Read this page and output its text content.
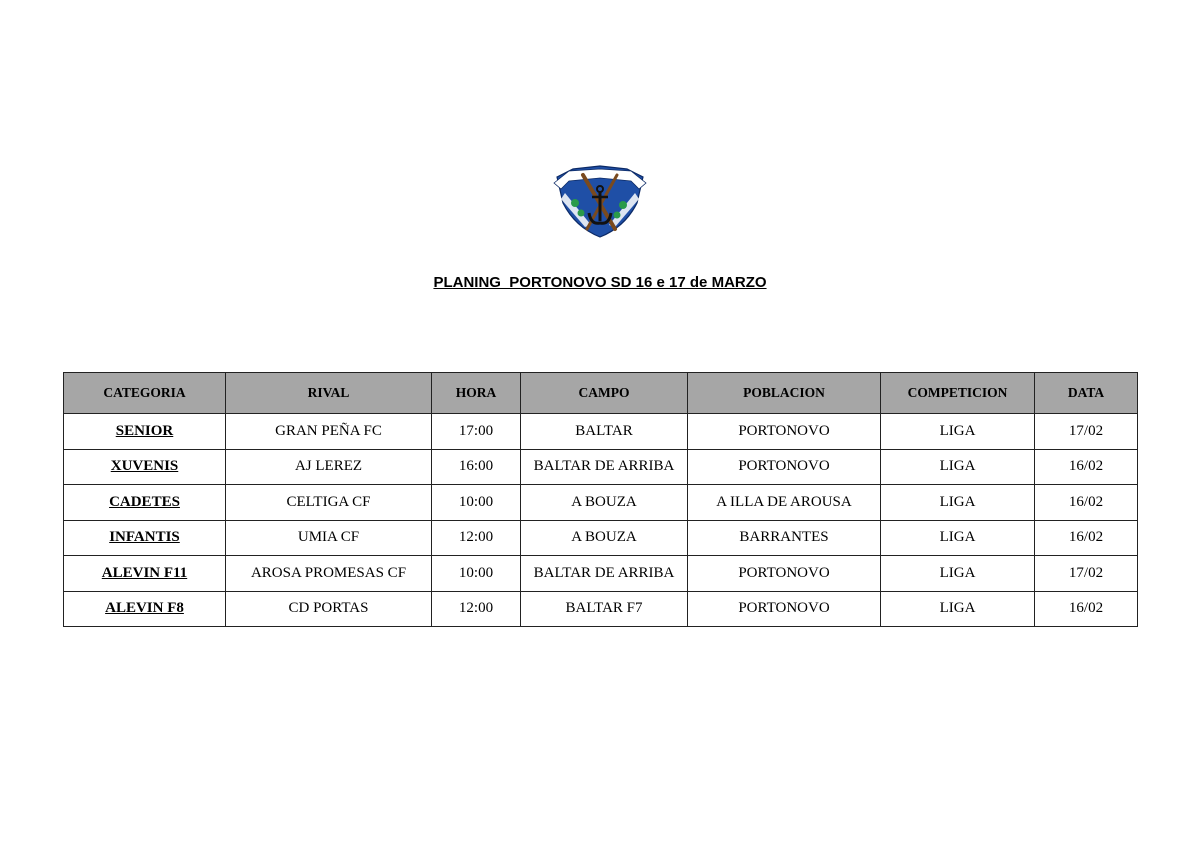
PLANING  PORTONOVO SD 16 e 17 de MARZO
CATEGORIA	RIVAL	HORA	CAMPO	POBLACION	COMPETICION	DATA
SENIOR	GRAN PEÑA FC	17:00	BALTAR	PORTONOVO	LIGA	17/02
XUVENIS	AJ LEREZ	16:00	BALTAR DE ARRIBA	PORTONOVO	LIGA	16/02
CADETES	CELTIGA CF	10:00	A BOUZA	A ILLA DE AROUSA	LIGA	16/02
INFANTIS	UMIA CF	12:00	A BOUZA	BARRANTES	LIGA	16/02
ALEVIN F11	AROSA PROMESAS CF	10:00	BALTAR DE ARRIBA	PORTONOVO	LIGA	17/02
ALEVIN F8	CD PORTAS	12:00	BALTAR F7	PORTONOVO	LIGA	16/02
